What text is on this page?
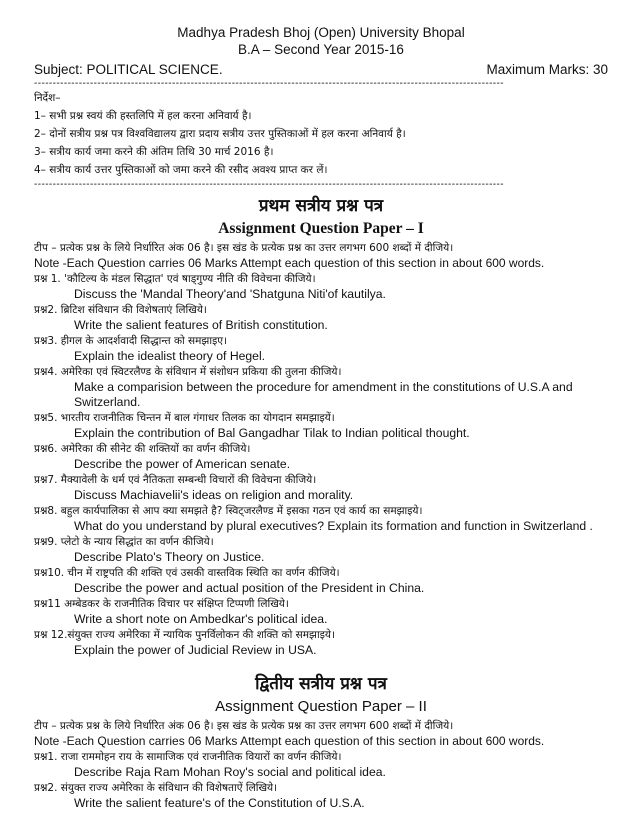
Madhya Pradesh Bhoj (Open) University Bhopal
B.A – Second Year 2015-16
Subject: POLITICAL SCIENCE.	Maximum Marks: 30
------------------------------------------------------------------------------------------------------------------------------
निर्देश–
1– सभी प्रश्न स्वयं की हस्तलिपि में हल करना अनिवार्य है।
2– दोनों सत्रीय प्रश्न पत्र विश्वविद्यालय द्वारा प्रदाय सत्रीय उत्तर पुस्तिकाओं में हल करना अनिवार्य है।
3– सत्रीय कार्य जमा करने की अंतिम तिथि 30 मार्च 2016 है।
4– सत्रीय कार्य उत्तर पुस्तिकाओं को जमा करने की रसीद अवश्य प्राप्त कर लें।
------------------------------------------------------------------------------------------------------------------------------
प्रथम सत्रीय प्रश्न पत्र
Assignment Question Paper – I
टीप – प्रत्येक प्रश्न के लिये निर्धारित अंक 06 है। इस खंड के प्रत्येक प्रश्न का उत्तर लगभग 600 शब्दों में दीजिये।
Note -Each Question carries 06 Marks Attempt each question of this section in about 600 words.
प्रश्न 1. 'कौटिल्य के मंडल सिद्धात' एवं षाड्गुण्य नीति की विवेचना कीजिये।
Discuss the 'Mandal Theory'and 'Shatguna Niti'of kautilya.
प्रश्न2. ब्रिटिश संविधान की विशेषताएं लिखिये।
Write the salient features of British constitution.
प्रश्न3. हीगल के आदर्शवादी सिद्धान्त को समझाइए।
Explain the idealist theory of Hegel.
प्रश्न4. अमेरिका एवं स्विटरलैण्ड के संविधान में संशोधन प्रकिया की तुलना कीजिये।
Make a comparision between the procedure for amendment in the constitutions of U.S.A and Switzerland.
प्रश्न5. भारतीय राजनीतिक चिन्तन में बाल गंगाधर तिलक का योगदान समझाइयें।
Explain the contribution of Bal Gangadhar Tilak to Indian political thought.
प्रश्न6. अमेरिका की सीनेट की शक्तियों का वर्णन कीजिये।
Describe the power of American senate.
प्रश्न7. मैक्यावेली के धर्म एवं नैतिकता सम्बन्धी विचारों की विवेचना कीजिये।
Discuss Machiavelii's ideas on religion and morality.
प्रश्न8. बहुल कार्यपालिका से आप क्या समझते है? स्विट्जरलैण्ड में इसका गठन एवं कार्य का समझाइये।
What do you understand by plural executives? Explain its formation and function in Switzerland .
प्रश्न9. प्लेटो के न्याय सिद्धांत का वर्णन कीजिये।
Describe Plato's Theory on Justice.
प्रश्न10. चीन में राष्ट्रपति की शक्ति एवं उसकी वास्तविक स्थिति का वर्णन कीजिये।
Describe the power and actual position of the President in China.
प्रश्न11 अम्बेडकर के राजनीतिक विचार पर संक्षिप्त टिप्पणी लिखिये।
Write a short note on Ambedkar's political idea.
प्रश्न 12.संयुक्त राज्य अमेरिका में न्यायिक पुनर्विलोकन की शक्ति को समझाइये।
Explain the power of Judicial Review in USA.
द्वितीय सत्रीय प्रश्न पत्र
Assignment Question Paper – II
टीप – प्रत्येक प्रश्न के लिये निर्धारित अंक 06 है। इस खंड के प्रत्येक प्रश्न का उत्तर लगभग 600 शब्दों में दीजिये।
Note -Each Question carries 06 Marks Attempt each question of this section in about 600 words.
प्रश्न1. राजा राममोहन राय के सामाजिक एवं राजनीतिक वियारों का वर्णन कीजिये।
Describe Raja Ram Mohan Roy's social and political idea.
प्रश्न2. संयुक्त राज्य अमेरिका के संविधान की विशेषताऐं लिखिये।
Write the salient feature's of the Constitution of U.S.A.
